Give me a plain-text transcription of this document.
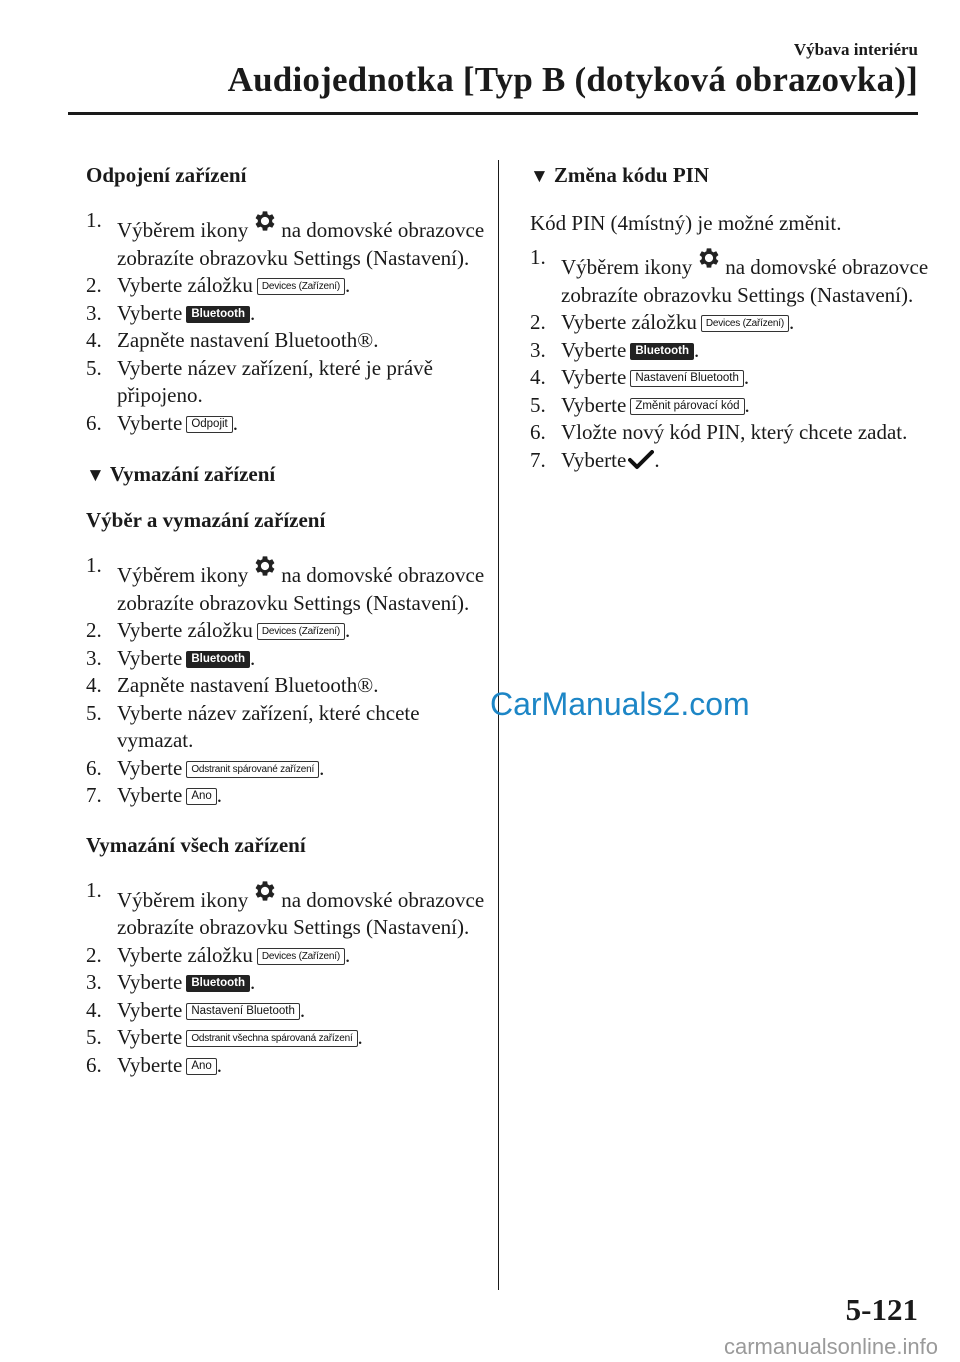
Výbava interiéru
Audiojednotka [Typ B (dotyková obrazovka)]
Odpojení zařízení
1. Výběrem ikony na domovské obrazovce zobrazíte obrazovku Settings (Nastavení).
2. Vyberte záložku Devices (Zařízení) .
3. Vyberte Bluetooth .
4. Zapněte nastavení Bluetooth®.
5. Vyberte název zařízení, které je právě připojeno.
6. Vyberte Odpojit .
▼ Vymazání zařízení
Výběr a vymazání zařízení
1. Výběrem ikony na domovské obrazovce zobrazíte obrazovku Settings (Nastavení).
2. Vyberte záložku Devices (Zařízení) .
3. Vyberte Bluetooth .
4. Zapněte nastavení Bluetooth®.
5. Vyberte název zařízení, které chcete vymazat.
6. Vyberte Odstranit spárované zařízení .
7. Vyberte Ano .
Vymazání všech zařízení
1. Výběrem ikony na domovské obrazovce zobrazíte obrazovku Settings (Nastavení).
2. Vyberte záložku Devices (Zařízení) .
3. Vyberte Bluetooth .
4. Vyberte Nastavení Bluetooth .
5. Vyberte Odstranit všechna spárovaná zařízení .
6. Vyberte Ano .
▼ Změna kódu PIN

Kód PIN (4místný) je možné změnit.

1. Výběrem ikony na domovské obrazovce zobrazíte obrazovku Settings (Nastavení).
2. Vyberte záložku Devices (Zařízení) .
3. Vyberte Bluetooth .
4. Vyberte Nastavení Bluetooth .
5. Vyberte Změnit párovací kód .
6. Vložte nový kód PIN, který chcete zadat.
7. Vyberte .
CarManuals2.com
5-121
carmanualsonline.info
